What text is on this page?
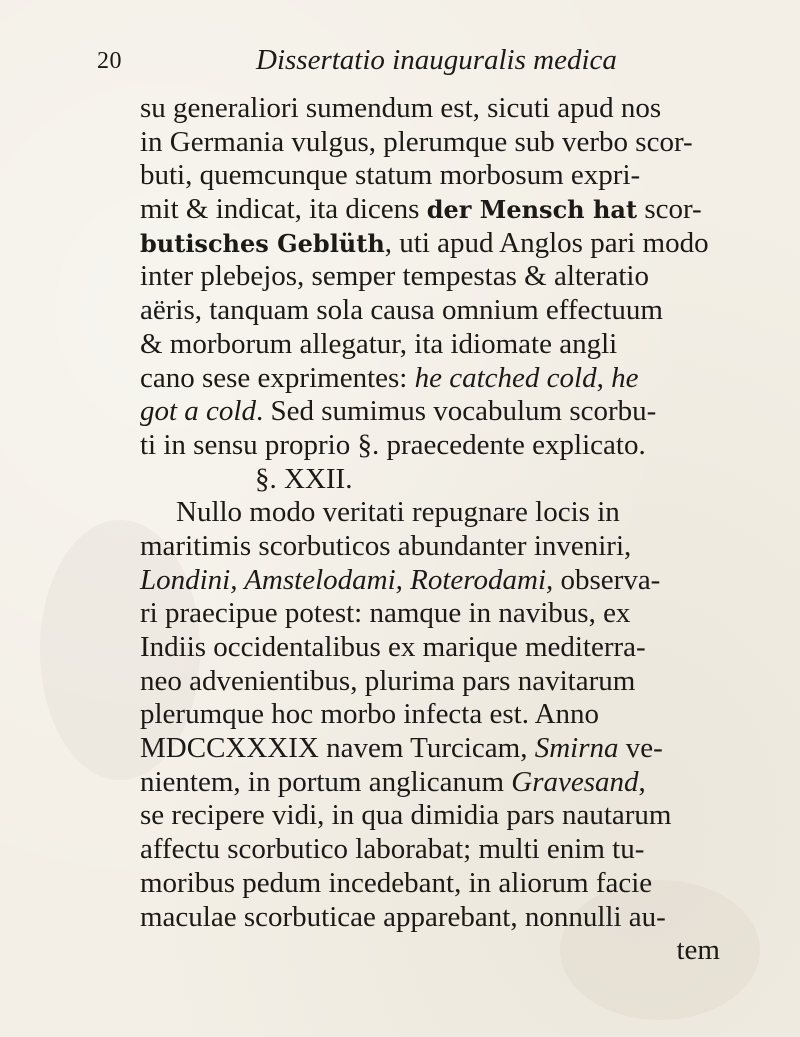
20	Dissertatio inauguralis medica
su generaliori sumendum est, sicuti apud nos
in Germania vulgus, plerumque sub verbo scor-
buti, quemcunque statum morbosum expri-
mit & indicat, ita dicens der Mensch hat scor-
butisches Geblüth, uti apud Anglos pari modo
inter plebejos, semper tempestas & alteratio
aëris, tanquam sola causa omnium effectuum
& morborum allegatur, ita idiomate angli
cano sese exprimentes: he catched cold, he
got a cold. Sed sumimus vocabulum scorbu-
ti in sensu proprio §. praecedente explicato.
§. XXII.
Nullo modo veritati repugnare locis in
maritimis scorbuticos abundanter inveniri,
Londini, Amstelodami, Roterodami, observa-
ri praecipue potest: namque in navibus, ex
Indiis occidentalibus ex marique mediterra-
neo advenientibus, plurima pars navitarum
plerumque hoc morbo infecta est. Anno
MDCCXXXIX navem Turcicam, Smirna ve-
nientem, in portum anglicanum Gravesand,
se recipere vidi, in qua dimidia pars nautarum
affectu scorbutico laborabat; multi enim tu-
moribus pedum incedebant, in aliorum facie
maculae scorbuticae apparebant, nonnulli au-
tem
